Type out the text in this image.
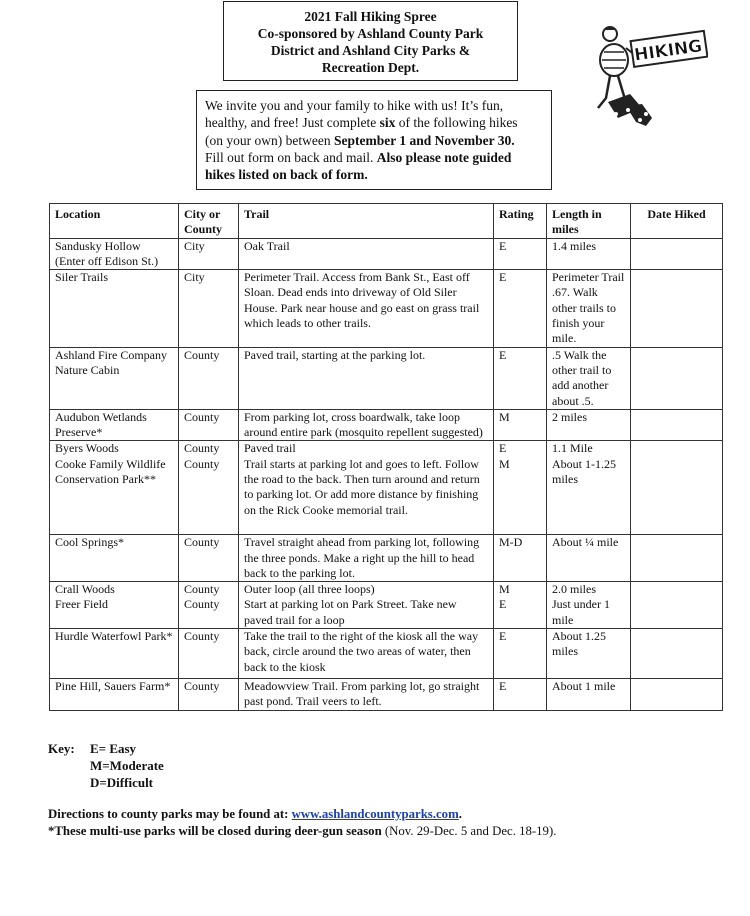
2021 Fall Hiking Spree
Co-sponsored by Ashland County Park
District and Ashland City Parks &
Recreation Dept.
HIKING
We invite you and your family to hike with us! It’s fun,
healthy, and free! Just complete six of the following hikes
(on your own) between September 1 and November 30.
Fill out form on back and mail. Also please note guided
hikes listed on back of form.
Location	City or County	Trail	Rating	Length in miles	Date Hiked
Sandusky Hollow (Enter off Edison St.)	City	Oak Trail	E	1.4 miles	
Siler Trails	City	Perimeter Trail. Access from Bank St., East off Sloan. Dead ends into driveway of Old Siler House. Park near house and go east on grass trail which leads to other trails.	E	Perimeter Trail .67. Walk other trails to finish your mile.	
Ashland Fire Company Nature Cabin	County	Paved trail, starting at the parking lot.	E	.5 Walk the other trail to add another about .5.	
Audubon Wetlands Preserve*	County	From parking lot, cross boardwalk, take loop around entire park (mosquito repellent suggested)	M	2 miles	
Byers Woods	County	Paved trail	E	1.1 Mile	
Cooke Family Wildlife Conservation Park**	County	Trail starts at parking lot and goes to left. Follow the road to the back. Then turn around and return to parking lot. Or add more distance by finishing on the Rick Cooke memorial trail.	M	About 1-1.25 miles	
Cool Springs*	County	Travel straight ahead from parking lot, following the three ponds. Make a right up the hill to head back to the parking lot.	M-D	About ¼ mile	
Crall Woods	County	Outer loop (all three loops)	M	2.0 miles	
Freer Field	County	Start at parking lot on Park Street. Take new paved trail for a loop	E	Just under 1 mile	
Hurdle Waterfowl Park*	County	Take the trail to the right of the kiosk all the way back, circle around the two areas of water, then back to the kiosk	E	About 1.25 miles	
Pine Hill, Sauers Farm*	County	Meadowview Trail. From parking lot, go straight past pond. Trail veers to left.	E	About 1 mile	
Key:	E= Easy
M=Moderate
D=Difficult
Directions to county parks may be found at: www.ashlandcountyparks.com.
*These multi-use parks will be closed during deer-gun season (Nov. 29-Dec. 5 and Dec. 18-19).
